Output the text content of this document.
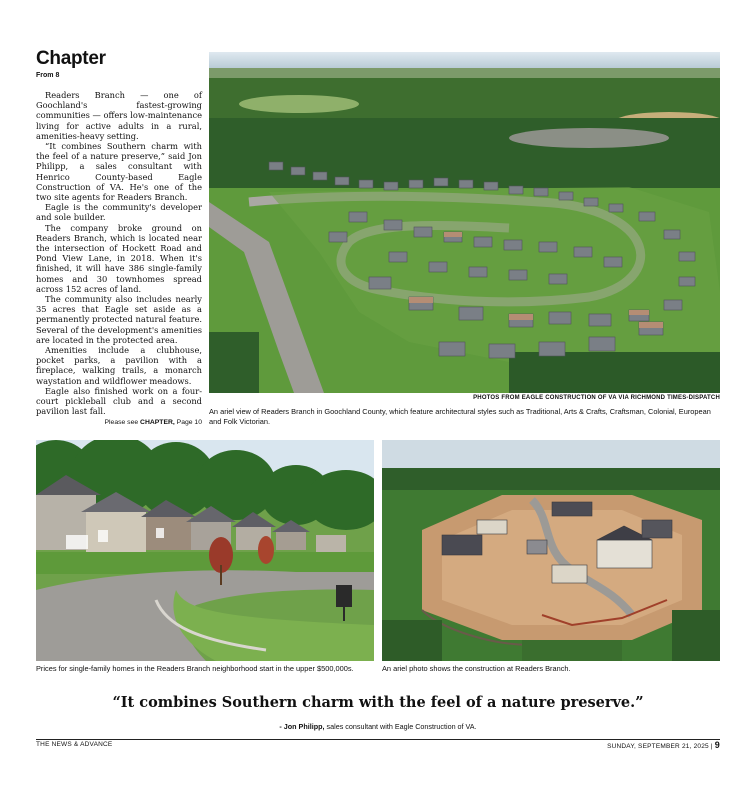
Chapter
From 8

Readers Branch — one of Goochland's fastest-growing communities — offers low-maintenance living for active adults in a rural, amenities-heavy setting.

“It combines Southern charm with the feel of a nature preserve,” said Jon Philipp, a sales consultant with Henrico County-based Eagle Construction of VA. He's one of the two site agents for Readers Branch.

Eagle is the community's developer and sole builder.

The company broke ground on Readers Branch, which is located near the intersection of Hockett Road and Pond View Lane, in 2018. When it's finished, it will have 386 single-family homes and 30 townhomes spread across 152 acres of land.

The community also includes nearly 35 acres that Eagle set aside as a permanently protected natural feature. Several of the development's amenities are located in the protected area.

Amenities include a clubhouse, pocket parks, a pavilion with a fireplace, walking trails, a monarch waystation and wildflower meadows.

Eagle also finished work on a four-court pickleball club and a second pavilion last fall.

Please see CHAPTER, Page 10
PHOTOS FROM EAGLE CONSTRUCTION OF VA VIA RICHMOND TIMES-DISPATCH
An ariel view of Readers Branch in Goochland County, which feature architectural styles such as Traditional, Arts & Crafts, Craftsman, Colonial, European and Folk Victorian.
Prices for single-family homes in the Readers Branch neighborhood start in the upper $500,000s.	An ariel photo shows the construction at Readers Branch.
“It combines Southern charm with the feel of a nature preserve.”
- Jon Philipp, sales consultant with Eagle Construction of VA.
THE NEWS & ADVANCE	SUNDAY, SEPTEMBER 21, 2025 | 9
